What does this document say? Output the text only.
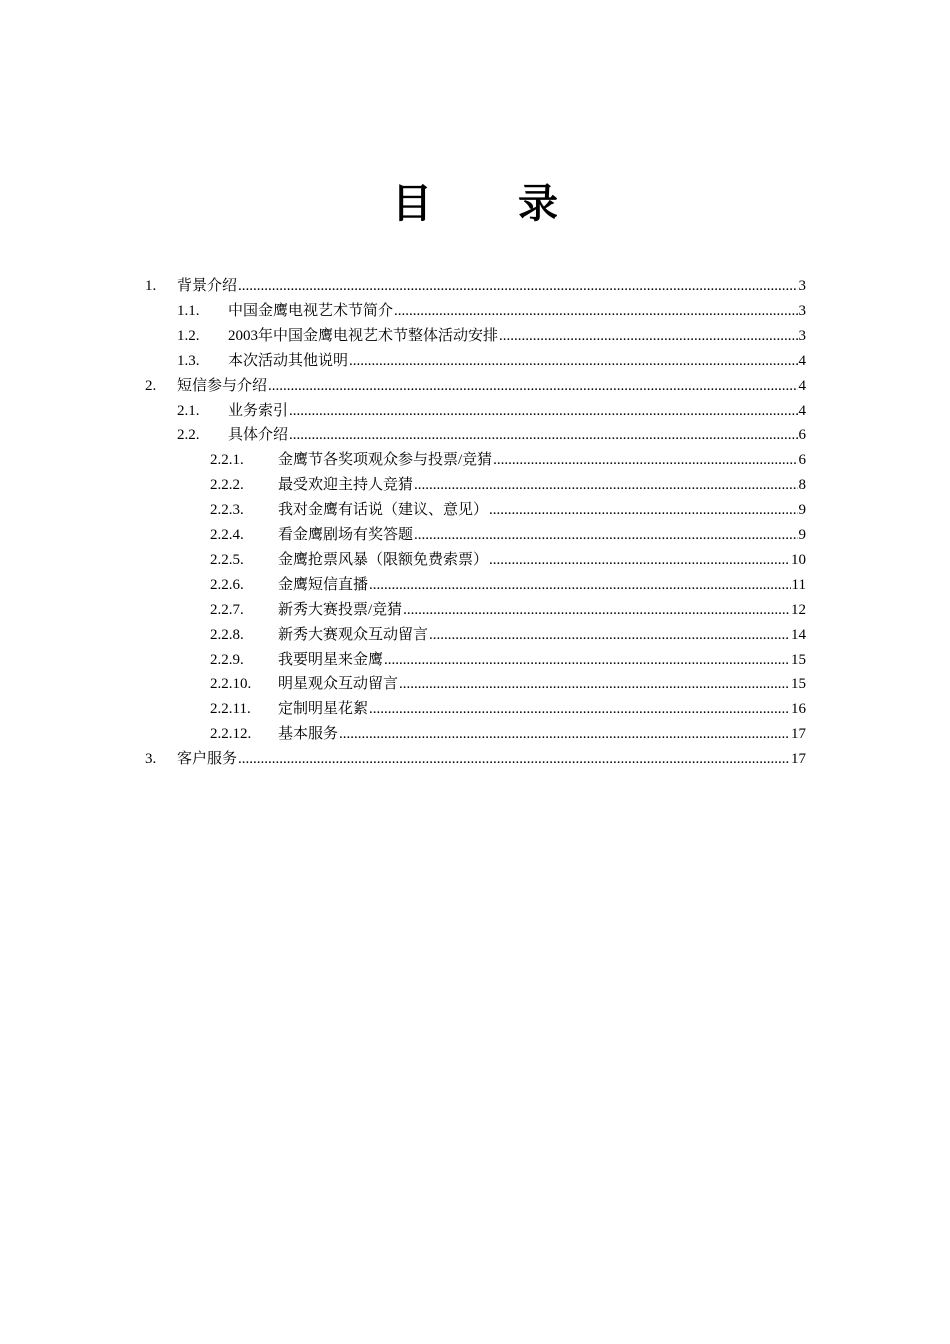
目 录
1. 背景介绍 .....	3
1.1. 中国金鹰电视艺术节简介 .....	3
1.2. 2003年中国金鹰电视艺术节整体活动安排 .....	3
1.3. 本次活动其他说明 .....	4
2. 短信参与介绍 .....	4
2.1. 业务索引 .....	4
2.2. 具体介绍 .....	6
2.2.1. 金鹰节各奖项观众参与投票/竞猜 .....	6
2.2.2. 最受欢迎主持人竞猜 .....	8
2.2.3. 我对金鹰有话说（建议、意见） .....	9
2.2.4. 看金鹰剧场有奖答题 .....	9
2.2.5. 金鹰抢票风暴（限额免费索票） .....	10
2.2.6. 金鹰短信直播 .....	11
2.2.7. 新秀大赛投票/竞猜 .....	12
2.2.8. 新秀大赛观众互动留言 .....	14
2.2.9. 我要明星来金鹰 .....	15
2.2.10. 明星观众互动留言 .....	15
2.2.11. 定制明星花絮 .....	16
2.2.12. 基本服务 .....	17
3. 客户服务 .....	17
